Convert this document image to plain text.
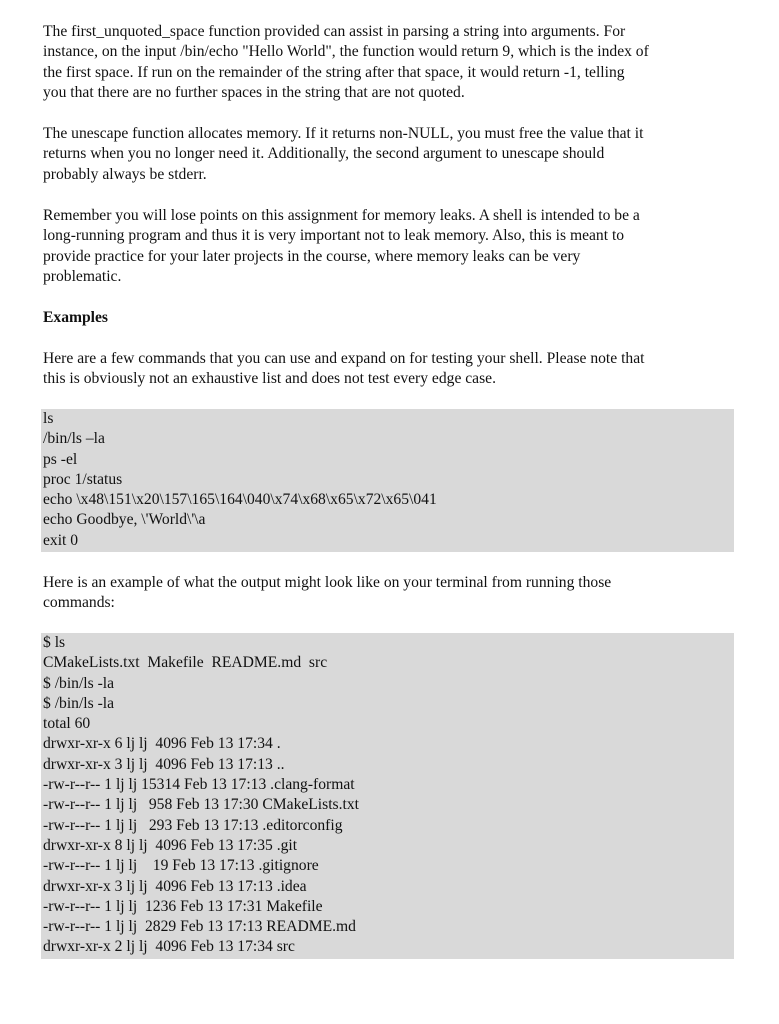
The first_unquoted_space function provided can assist in parsing a string into arguments. For
instance, on the input /bin/echo "Hello World", the function would return 9, which is the index of
the first space. If run on the remainder of the string after that space, it would return -1, telling
you that there are no further spaces in the string that are not quoted.

The unescape function allocates memory. If it returns non-NULL, you must free the value that it
returns when you no longer need it. Additionally, the second argument to unescape should
probably always be stderr.

Remember you will lose points on this assignment for memory leaks. A shell is intended to be a
long-running program and thus it is very important not to leak memory. Also, this is meant to
provide practice for your later projects in the course, where memory leaks can be very
problematic.

Examples

Here are a few commands that you can use and expand on for testing your shell. Please note that
this is obviously not an exhaustive list and does not test every edge case.

ls
/bin/ls –la
ps -el
proc 1/status
echo \x48\151\x20\157\165\164\040\x74\x68\x65\x72\x65\041
echo Goodbye, \'World\'\a
exit 0

Here is an example of what the output might look like on your terminal from running those
commands:

$ ls
CMakeLists.txt  Makefile  README.md  src
$ /bin/ls -la
$ /bin/ls -la
total 60
drwxr-xr-x 6 lj lj  4096 Feb 13 17:34 .
drwxr-xr-x 3 lj lj  4096 Feb 13 17:13 ..
-rw-r--r-- 1 lj lj 15314 Feb 13 17:13 .clang-format
-rw-r--r-- 1 lj lj   958 Feb 13 17:30 CMakeLists.txt
-rw-r--r-- 1 lj lj   293 Feb 13 17:13 .editorconfig
drwxr-xr-x 8 lj lj  4096 Feb 13 17:35 .git
-rw-r--r-- 1 lj lj    19 Feb 13 17:13 .gitignore
drwxr-xr-x 3 lj lj  4096 Feb 13 17:13 .idea
-rw-r--r-- 1 lj lj  1236 Feb 13 17:31 Makefile
-rw-r--r-- 1 lj lj  2829 Feb 13 17:13 README.md
drwxr-xr-x 2 lj lj  4096 Feb 13 17:34 src
